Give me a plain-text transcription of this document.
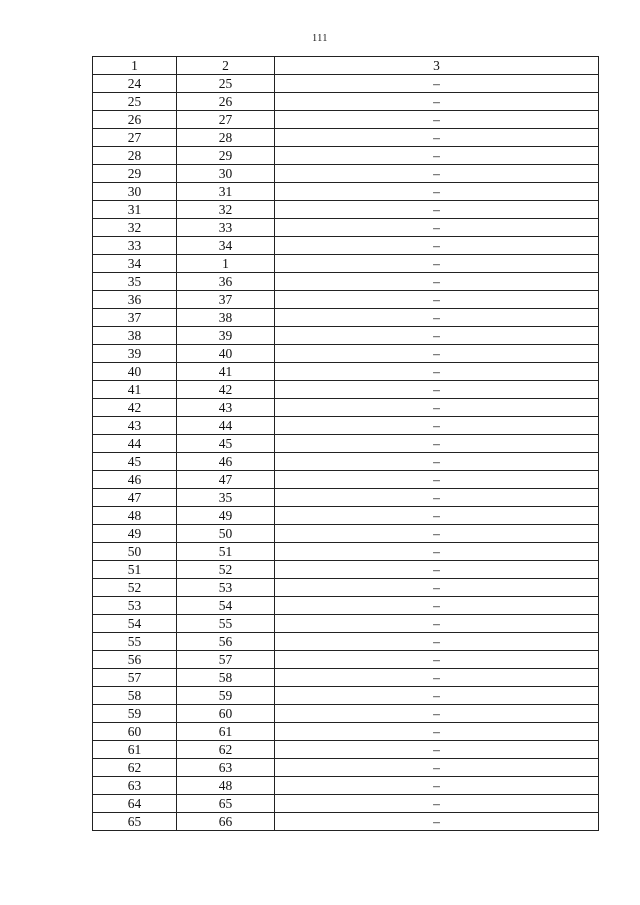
111
1	2	3
24	25	–
25	26	–
26	27	–
27	28	–
28	29	–
29	30	–
30	31	–
31	32	–
32	33	–
33	34	–
34	1	–
35	36	–
36	37	–
37	38	–
38	39	–
39	40	–
40	41	–
41	42	–
42	43	–
43	44	–
44	45	–
45	46	–
46	47	–
47	35	–
48	49	–
49	50	–
50	51	–
51	52	–
52	53	–
53	54	–
54	55	–
55	56	–
56	57	–
57	58	–
58	59	–
59	60	–
60	61	–
61	62	–
62	63	–
63	48	–
64	65	–
65	66	–
